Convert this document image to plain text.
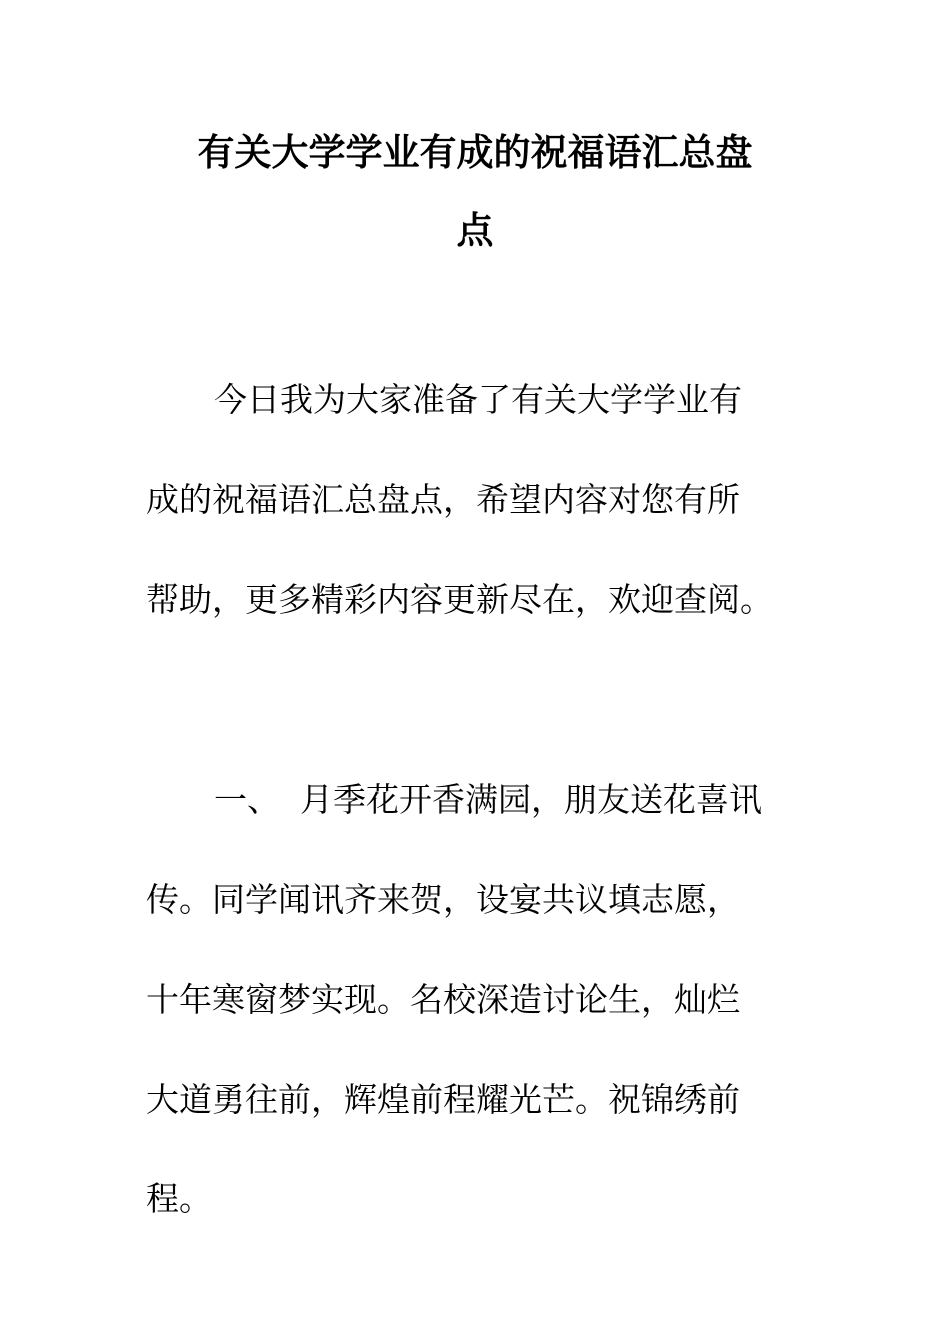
有关大学学业有成的祝福语汇总盘
点
今日我为大家准备了有关大学学业有
成的祝福语汇总盘点，希望内容对您有所
帮助，更多精彩内容更新尽在，欢迎查阅。
一、 月季花开香满园，朋友送花喜讯
传。同学闻讯齐来贺，设宴共议填志愿，
十年寒窗梦实现。名校深造讨论生，灿烂
大道勇往前，辉煌前程耀光芒。祝锦绣前
程。
